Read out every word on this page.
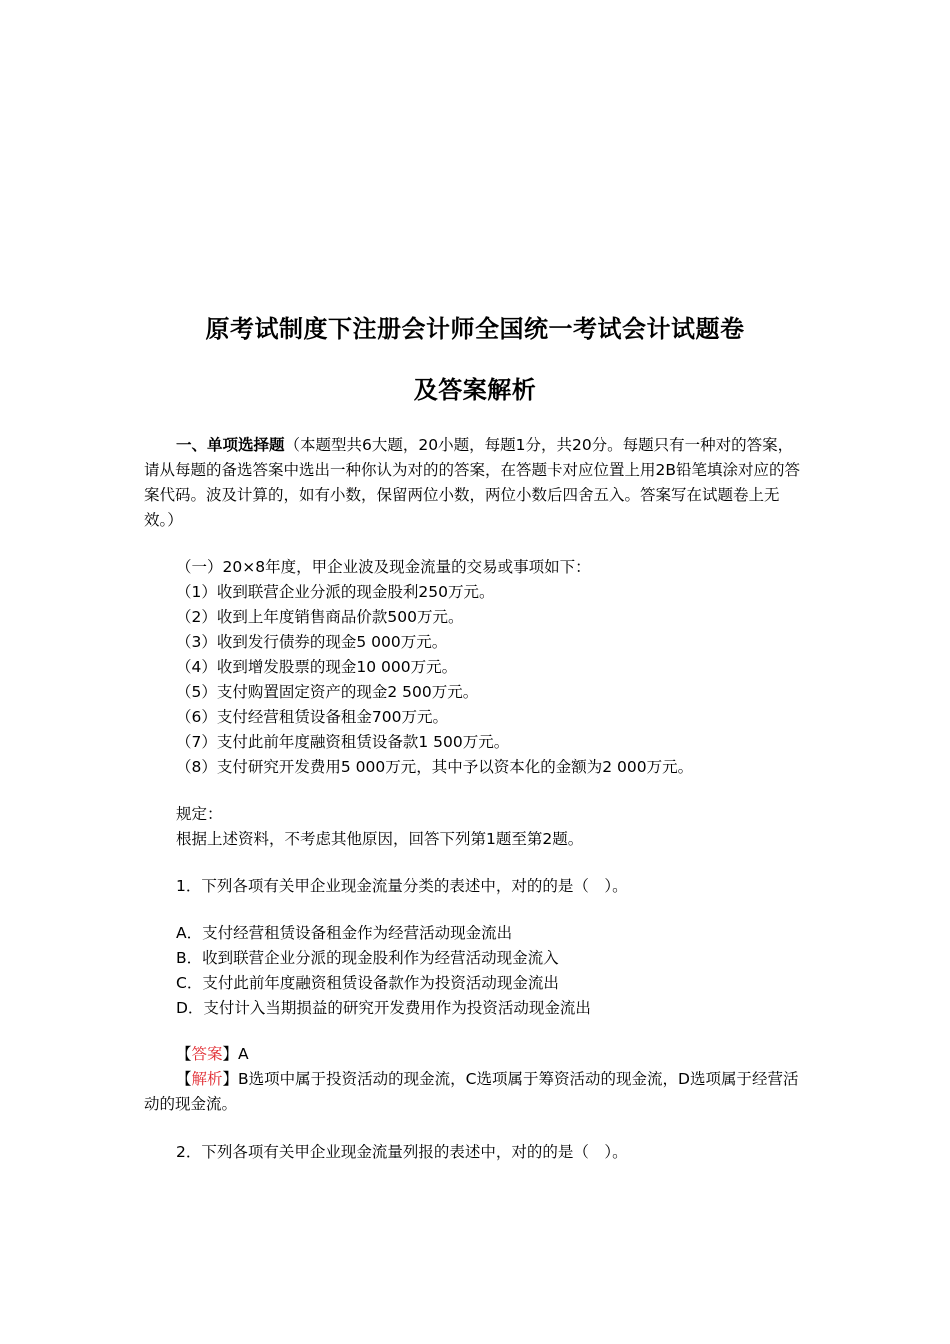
原考试制度下注册会计师全国统一考试会计试题卷
及答案解析
一、单项选择题（本题型共6大题，20小题，每题1分，共20分。每题只有一种对的答案，请从每题的备选答案中选出一种你认为对的的答案，在答题卡对应位置上用2B铅笔填涂对应的答案代码。波及计算的，如有小数，保留两位小数，两位小数后四舍五入。答案写在试题卷上无效。）
（一）20×8年度，甲企业波及现金流量的交易或事项如下：
（1）收到联营企业分派的现金股利250万元。
（2）收到上年度销售商品价款500万元。
（3）收到发行债券的现金5 000万元。
（4）收到增发股票的现金10 000万元。
（5）支付购置固定资产的现金2 500万元。
（6）支付经营租赁设备租金700万元。
（7）支付此前年度融资租赁设备款1 500万元。
（8）支付研究开发费用5 000万元，其中予以资本化的金额为2 000万元。
规定：
根据上述资料，不考虑其他原因，回答下列第1题至第2题。
1．下列各项有关甲企业现金流量分类的表述中，对的的是（　）。
A．支付经营租赁设备租金作为经营活动现金流出
B．收到联营企业分派的现金股利作为经营活动现金流入
C．支付此前年度融资租赁设备款作为投资活动现金流出
D．支付计入当期损益的研究开发费用作为投资活动现金流出
【答案】A
【解析】B选项中属于投资活动的现金流，C选项属于筹资活动的现金流，D选项属于经营活动的现金流。
2．下列各项有关甲企业现金流量列报的表述中，对的的是（　）。
